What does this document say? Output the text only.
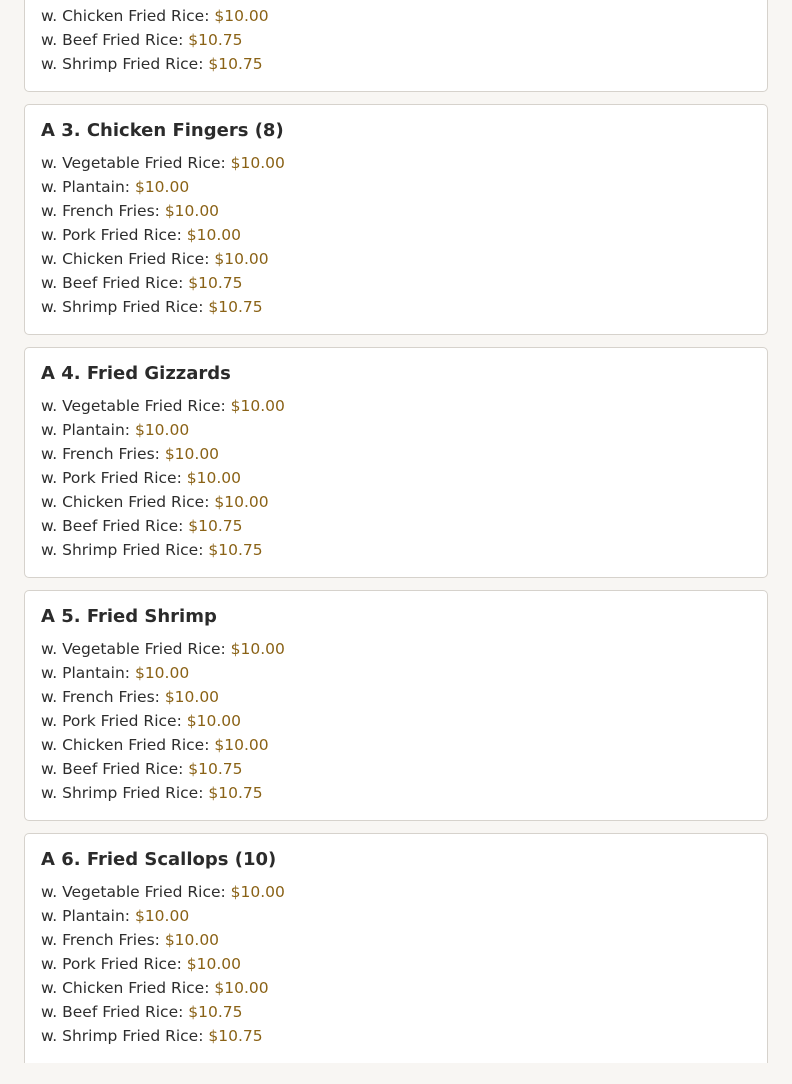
w. Chicken Fried Rice: $10.00
w. Beef Fried Rice: $10.75
w. Shrimp Fried Rice: $10.75
A 3. Chicken Fingers (8)
w. Vegetable Fried Rice: $10.00
w. Plantain: $10.00
w. French Fries: $10.00
w. Pork Fried Rice: $10.00
w. Chicken Fried Rice: $10.00
w. Beef Fried Rice: $10.75
w. Shrimp Fried Rice: $10.75
A 4. Fried Gizzards
w. Vegetable Fried Rice: $10.00
w. Plantain: $10.00
w. French Fries: $10.00
w. Pork Fried Rice: $10.00
w. Chicken Fried Rice: $10.00
w. Beef Fried Rice: $10.75
w. Shrimp Fried Rice: $10.75
A 5. Fried Shrimp
w. Vegetable Fried Rice: $10.00
w. Plantain: $10.00
w. French Fries: $10.00
w. Pork Fried Rice: $10.00
w. Chicken Fried Rice: $10.00
w. Beef Fried Rice: $10.75
w. Shrimp Fried Rice: $10.75
A 6. Fried Scallops (10)
w. Vegetable Fried Rice: $10.00
w. Plantain: $10.00
w. French Fries: $10.00
w. Pork Fried Rice: $10.00
w. Chicken Fried Rice: $10.00
w. Beef Fried Rice: $10.75
w. Shrimp Fried Rice: $10.75
